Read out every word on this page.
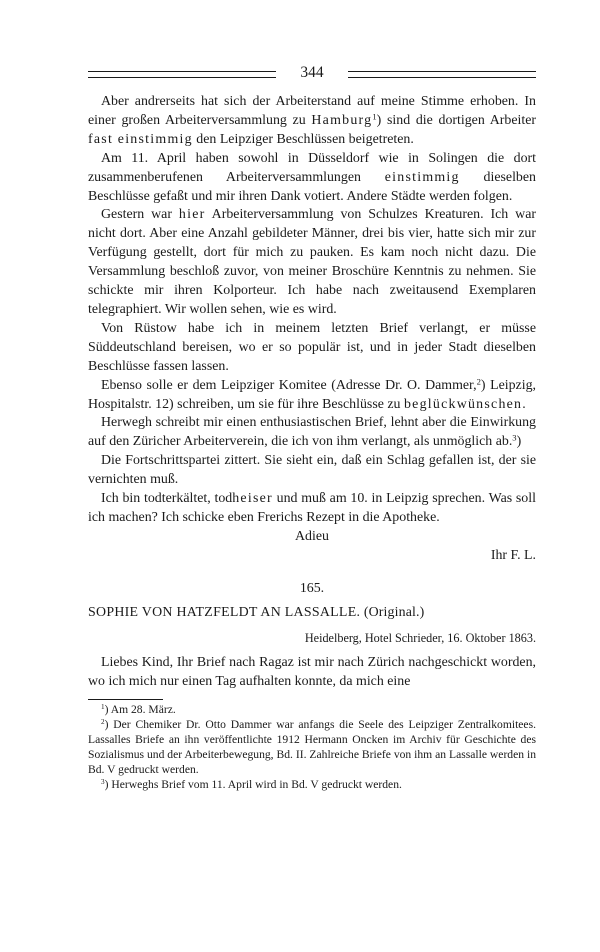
344

Aber andrerseits hat sich der Arbeiterstand auf meine Stimme erhoben. In einer großen Arbeiterversammlung zu Hamburg$^1$) sind die dortigen Arbeiter fast einstimmig den Leipziger Beschlüssen beigetreten.

Am 11. April haben sowohl in Düsseldorf wie in Solingen die dort zusammenberufenen Arbeiterversammlungen einstimmig dieselben Beschlüsse gefaßt und mir ihren Dank votiert. Andere Städte werden folgen.

Gestern war hier Arbeiterversammlung von Schulzes Kreaturen. Ich war nicht dort. Aber eine Anzahl gebildeter Männer, drei bis vier, hatte sich mir zur Verfügung gestellt, dort für mich zu pauken. Es kam noch nicht dazu. Die Versammlung beschloß zuvor, von meiner Broschüre Kenntnis zu nehmen. Sie schickte mir ihren Kolporteur. Ich habe nach zweitausend Exemplaren telegraphiert. Wir wollen sehen, wie es wird.

Von Rüstow habe ich in meinem letzten Brief verlangt, er müsse Süddeutschland bereisen, wo er so populär ist, und in jeder Stadt dieselben Beschlüsse fassen lassen.

Ebenso solle er dem Leipziger Komitee (Adresse Dr. O. Dammer,$^2$) Leipzig, Hospitalstr. 12) schreiben, um sie für ihre Beschlüsse zu beglückwünschen.

Herwegh schreibt mir einen enthusiastischen Brief, lehnt aber die Einwirkung auf den Züricher Arbeiterverein, die ich von ihm verlangt, als unmöglich ab.$^3$)

Die Fortschrittspartei zittert. Sie sieht ein, daß ein Schlag gefallen ist, der sie vernichten muß.

Ich bin todterkältet, todheiser und muß am 10. in Leipzig sprechen. Was soll ich machen? Ich schicke eben Frerichs Rezept in die Apotheke.

Adieu

Ihr F. L.

165.
SOPHIE VON HATZFELDT AN LASSALLE. (Original.)
Heidelberg, Hotel Schrieder, 16. Oktober 1863.

Liebes Kind, Ihr Brief nach Ragaz ist mir nach Zürich nachgeschickt worden, wo ich mich nur einen Tag aufhalten konnte, da mich eine

$^1$) Am 28. März.

$^2$) Der Chemiker Dr. Otto Dammer war anfangs die Seele des Leipziger Zentralkomitees. Lassalles Briefe an ihn veröffentlichte 1912 Hermann Oncken im Archiv für Geschichte des Sozialismus und der Arbeiterbewegung, Bd. II. Zahlreiche Briefe von ihm an Lassalle werden in Bd. V gedruckt werden.

$^3$) Herweghs Brief vom 11. April wird in Bd. V gedruckt werden.
